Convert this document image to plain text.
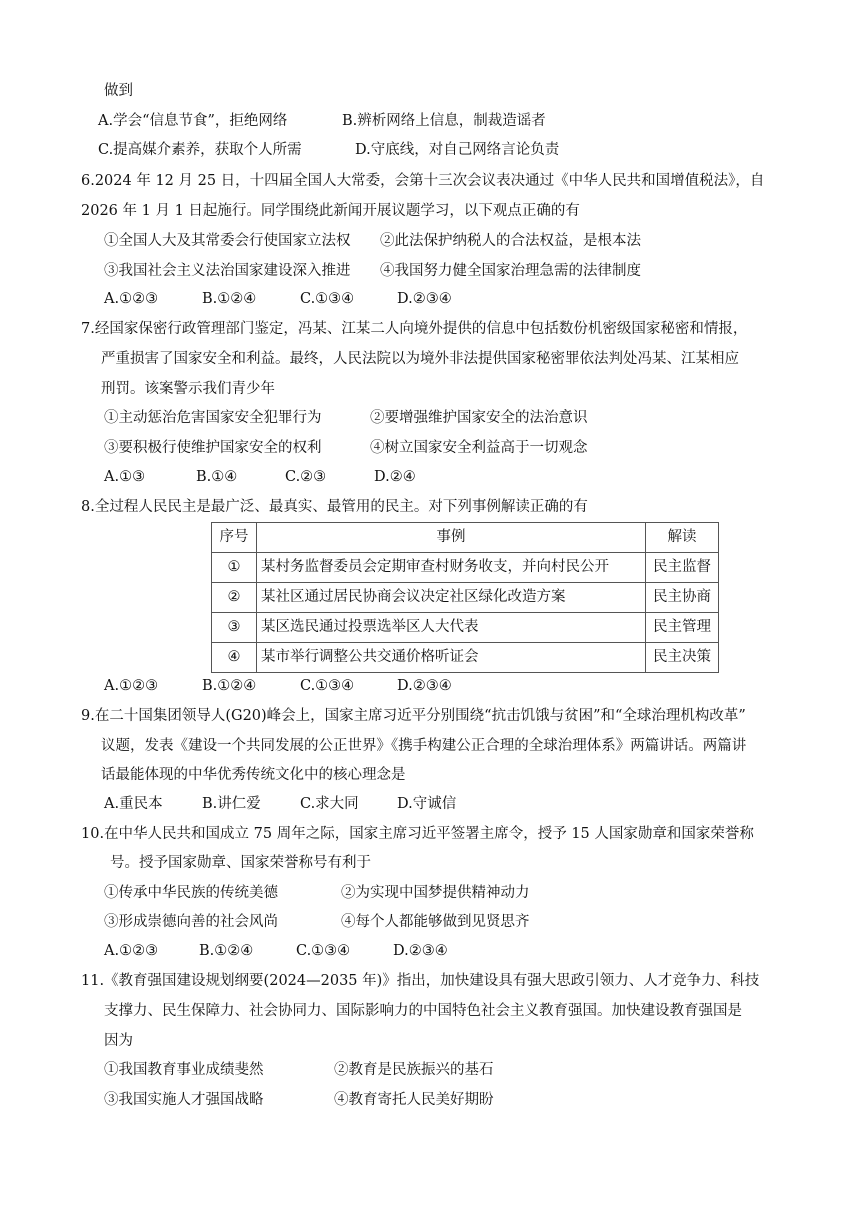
做到
A.学会“信息节食”，拒绝网络	B.辨析网络上信息，制裁造谣者
C.提高媒介素养，获取个人所需	D.守底线，对自己网络言论负责
6.2024 年 12 月 25 日，十四届全国人大常委，会第十三次会议表决通过《中华人民共和国增值税法》，自
2026 年 1 月 1 日起施行。同学围绕此新闻开展议题学习，以下观点正确的有
①全国人大及其常委会行使国家立法权 ②此法保护纳税人的合法权益，是根本法
③我国社会主义法治国家建设深入推进 ④我国努力健全国家治理急需的法律制度
A.①②③	B.①②④	C.①③④	D.②③④
7.经国家保密行政管理部门鉴定，冯某、江某二人向境外提供的信息中包括数份机密级国家秘密和情报，
严重损害了国家安全和利益。最终，人民法院以为境外非法提供国家秘密罪依法判处冯某、江某相应
刑罚。该案警示我们青少年
①主动惩治危害国家安全犯罪行为	②要增强维护国家安全的法治意识
③要积极行使维护国家安全的权利	④树立国家安全利益高于一切观念
A.①③	B.①④	C.②③	D.②④
8.全过程人民民主是最广泛、最真实、最管用的民主。对下列事例解读正确的有
序号	事例	解读
①	某村务监督委员会定期审查村财务收支，并向村民公开	民主监督
②	某社区通过居民协商会议决定社区绿化改造方案	民主协商
③	某区选民通过投票选举区人大代表	民主管理
④	某市举行调整公共交通价格听证会	民主决策
A.①②③	B.①②④	C.①③④	D.②③④
9.在二十国集团领导人(G20)峰会上，国家主席习近平分别围绕“抗击饥饿与贫困”和“全球治理机构改革”
议题，发表《建设一个共同发展的公正世界》《携手构建公正合理的全球治理体系》两篇讲话。两篇讲
话最能体现的中华优秀传统文化中的核心理念是
A.重民本	B.讲仁爱	C.求大同	D.守诚信
10.在中华人民共和国成立 75 周年之际，国家主席习近平签署主席令，授予 15 人国家勋章和国家荣誉称
号。授予国家勋章、国家荣誉称号有利于
①传承中华民族的传统美德	②为实现中国梦提供精神动力
③形成崇德向善的社会风尚	④每个人都能够做到见贤思齐
A.①②③	B.①②④	C.①③④	D.②③④
11.《教育强国建设规划纲要(2024—2035 年)》指出，加快建设具有强大思政引领力、人才竞争力、科技
支撑力、民生保障力、社会协同力、国际影响力的中国特色社会主义教育强国。加快建设教育强国是
因为
①我国教育事业成绩斐然	②教育是民族振兴的基石
③我国实施人才强国战略	④教育寄托人民美好期盼
